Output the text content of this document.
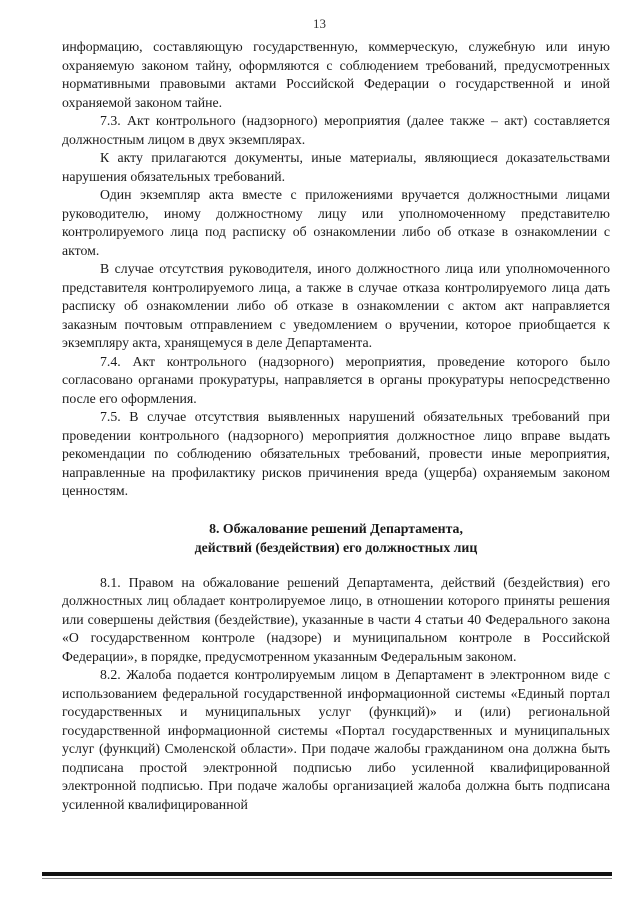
13

информацию, составляющую государственную, коммерческую, служебную или иную охраняемую законом тайну, оформляются с соблюдением требований, предусмотренных нормативными правовыми актами Российской Федерации о государственной и иной охраняемой законом тайне.

7.3. Акт контрольного (надзорного) мероприятия (далее также – акт) составляется должностным лицом в двух экземплярах.

К акту прилагаются документы, иные материалы, являющиеся доказательствами нарушения обязательных требований.

Один экземпляр акта вместе с приложениями вручается должностными лицами руководителю, иному должностному лицу или уполномоченному представителю контролируемого лица под расписку об ознакомлении либо об отказе в ознакомлении с актом.

В случае отсутствия руководителя, иного должностного лица или уполномоченного представителя контролируемого лица, а также в случае отказа контролируемого лица дать расписку об ознакомлении либо об отказе в ознакомлении с актом акт направляется заказным почтовым отправлением с уведомлением о вручении, которое приобщается к экземпляру акта, хранящемуся в деле Департамента.

7.4. Акт контрольного (надзорного) мероприятия, проведение которого было согласовано органами прокуратуры, направляется в органы прокуратуры непосредственно после его оформления.

7.5. В случае отсутствия выявленных нарушений обязательных требований при проведении контрольного (надзорного) мероприятия должностное лицо вправе выдать рекомендации по соблюдению обязательных требований, провести иные мероприятия, направленные на профилактику рисков причинения вреда (ущерба) охраняемым законом ценностям.

8. Обжалование решений Департамента,
действий (бездействия) его должностных лиц

8.1. Правом на обжалование решений Департамента, действий (бездействия) его должностных лиц обладает контролируемое лицо, в отношении которого приняты решения или совершены действия (бездействие), указанные в части 4 статьи 40 Федерального закона «О государственном контроле (надзоре) и муниципальном контроле в Российской Федерации», в порядке, предусмотренном указанным Федеральным законом.

8.2. Жалоба подается контролируемым лицом в Департамент в электронном виде с использованием федеральной государственной информационной системы «Единый портал государственных и муниципальных услуг (функций)» и (или) региональной государственной информационной системы «Портал государственных и муниципальных услуг (функций) Смоленской области». При подаче жалобы гражданином она должна быть подписана простой электронной подписью либо усиленной квалифицированной электронной подписью. При подаче жалобы организацией жалоба должна быть подписана усиленной квалифицированной
